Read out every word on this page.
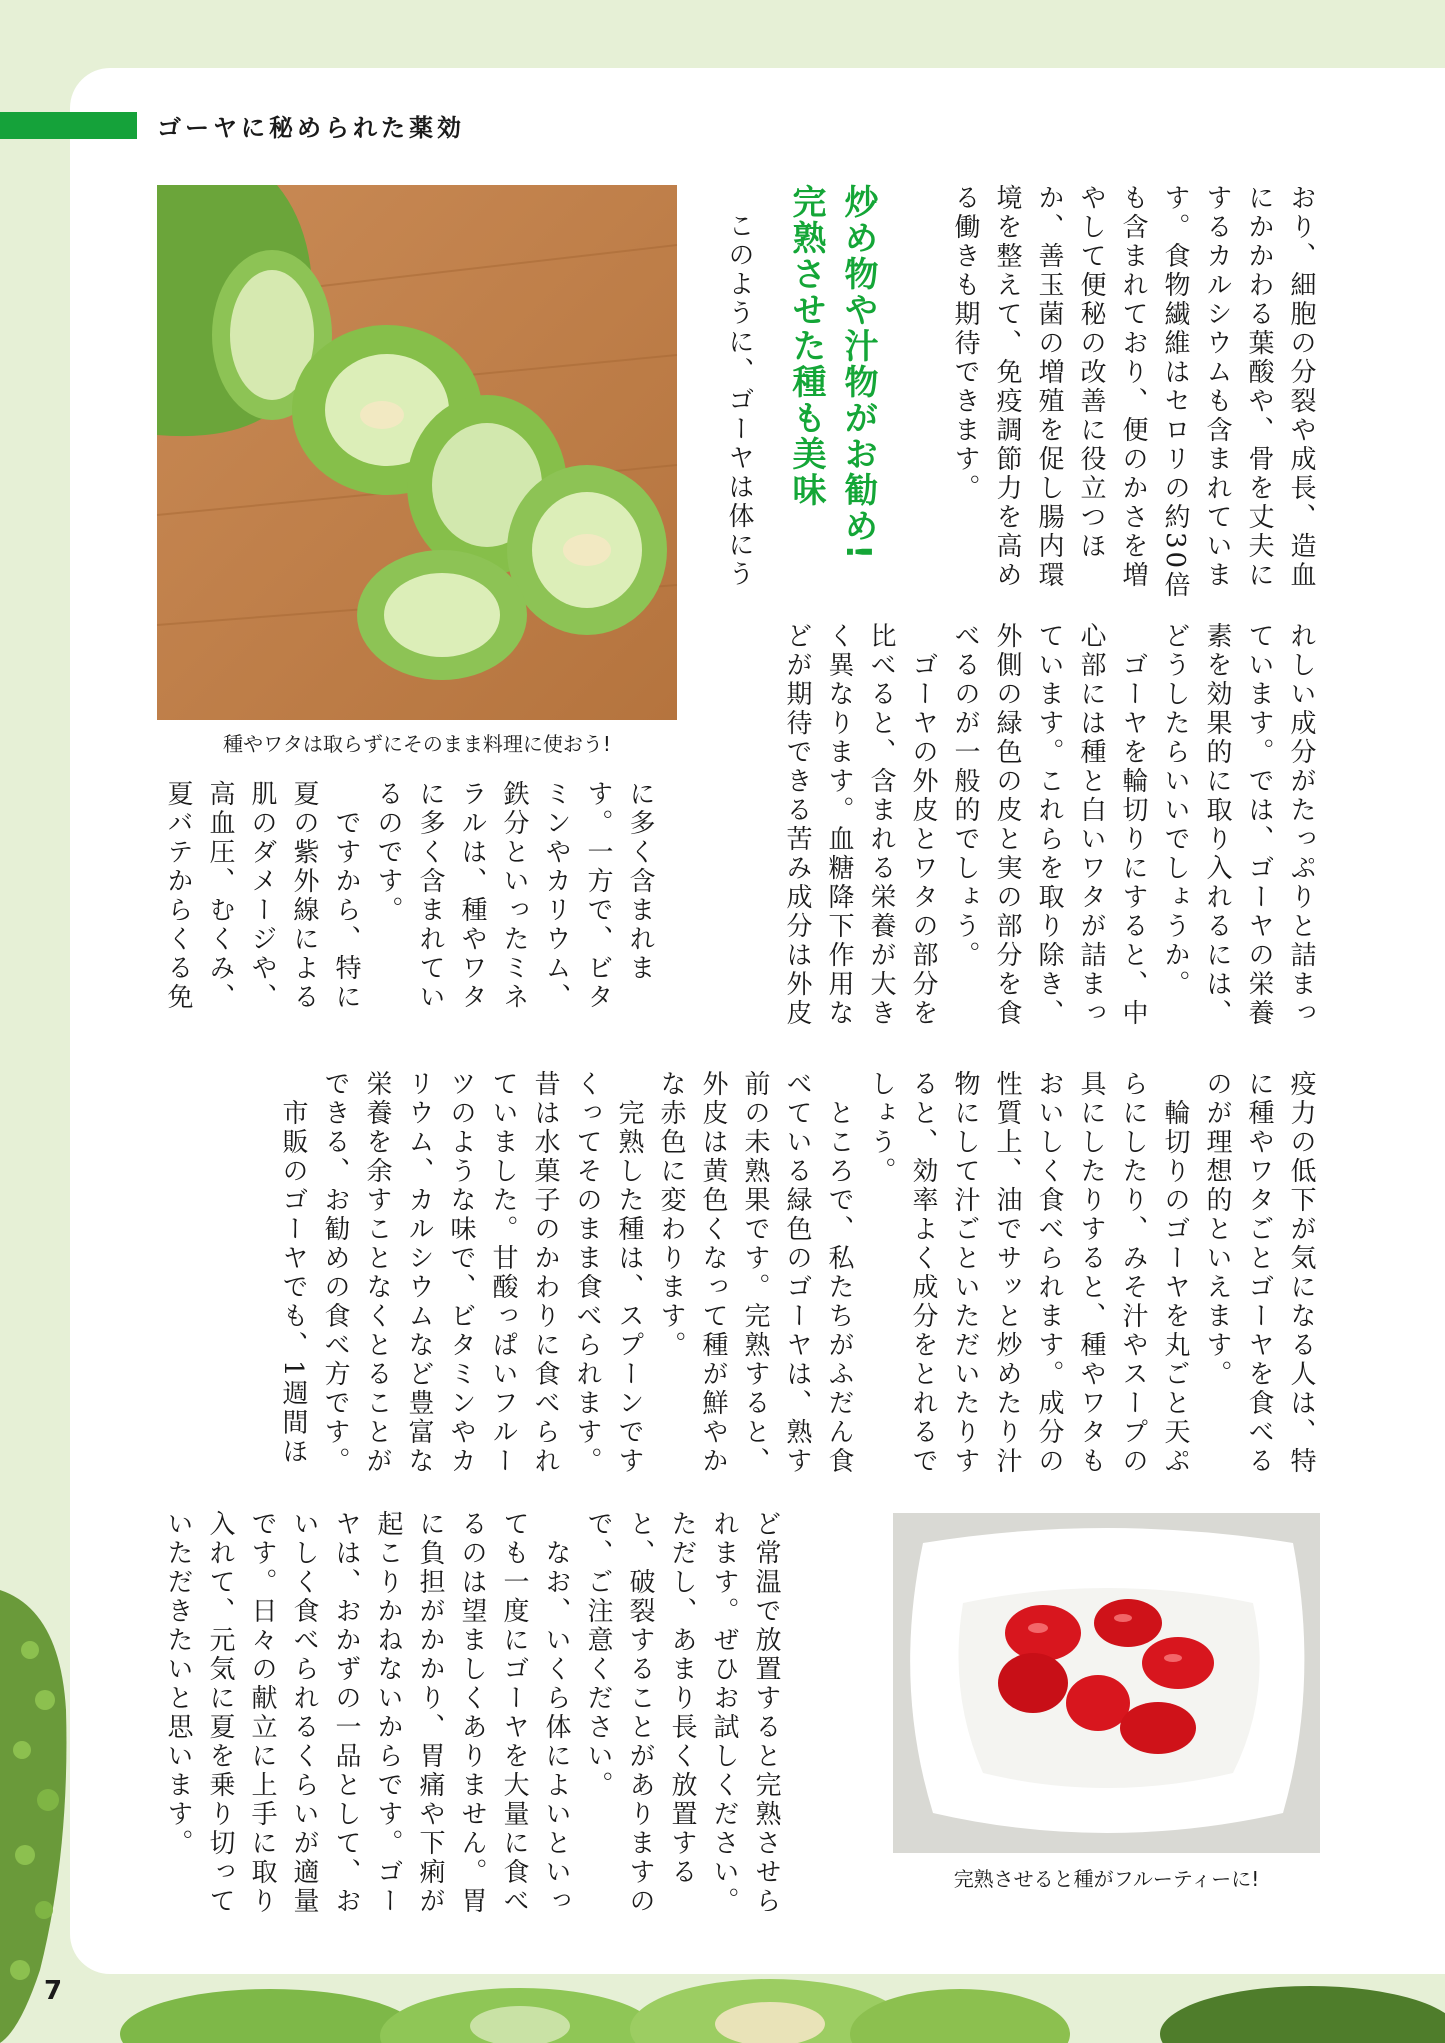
ゴーヤに秘められた薬効
種やワタは取らずにそのまま料理に使おう!

おり、細胞の分裂や成長、造血
にかかわる葉酸や、骨を丈夫に
するカルシウムも含まれていま
す。食物繊維はセロリの約30倍
も含まれており、便のかさを増
やして便秘の改善に役立つほ
か、善玉菌の増殖を促し腸内環
境を整えて、免疫調節力を高め
る働きも期待できます。

炒め物や汁物がお勧め!
完熟させた種も美味

このように、ゴーヤは体にう

れしい成分がたっぷりと詰まっ
ています。では、ゴーヤの栄養
素を効果的に取り入れるには、
どうしたらいいでしょうか。
　ゴーヤを輪切りにすると、中
心部には種と白いワタが詰まっ
ています。これらを取り除き、
外側の緑色の皮と実の部分を食
べるのが一般的でしょう。
　ゴーヤの外皮とワタの部分を
比べると、含まれる栄養が大き
く異なります。血糖降下作用な
どが期待できる苦み成分は外皮

に多く含まれま
す。一方で、ビタ
ミンやカリウム、
鉄分といったミネ
ラルは、種やワタ
に多く含まれてい
るのです。
　ですから、特に
夏の紫外線による
肌のダメージや、
高血圧、むくみ、
夏バテからくる免

疫力の低下が気になる人は、特
に種やワタごとゴーヤを食べる
のが理想的といえます。
　輪切りのゴーヤを丸ごと天ぷ
らにしたり、みそ汁やスープの
具にしたりすると、種やワタも
おいしく食べられます。成分の
性質上、油でサッと炒めたり汁
物にして汁ごといただいたりす
ると、効率よく成分をとれるで
しょう。
　ところで、私たちがふだん食
べている緑色のゴーヤは、熟す
前の未熟果です。完熟すると、
外皮は黄色くなって種が鮮やか
な赤色に変わります。
　完熟した種は、スプーンです
くってそのまま食べられます。
昔は水菓子のかわりに食べられ
ていました。甘酸っぱいフルー
ツのような味で、ビタミンやカ
リウム、カルシウムなど豊富な
栄養を余すことなくとることが
できる、お勧めの食べ方です。
　市販のゴーヤでも、1週間ほ

ど常温で放置すると完熟させら
れます。ぜひお試しください。
ただし、あまり長く放置する
と、破裂することがありますの
で、ご注意ください。
　なお、いくら体によいといっ
ても一度にゴーヤを大量に食べ
るのは望ましくありません。胃
に負担がかかり、胃痛や下痢が
起こりかねないからです。ゴー
ヤは、おかずの一品として、お
いしく食べられるくらいが適量
です。日々の献立に上手に取り
入れて、元気に夏を乗り切って
いただきたいと思います。

完熟させると種がフルーティーに!
7
